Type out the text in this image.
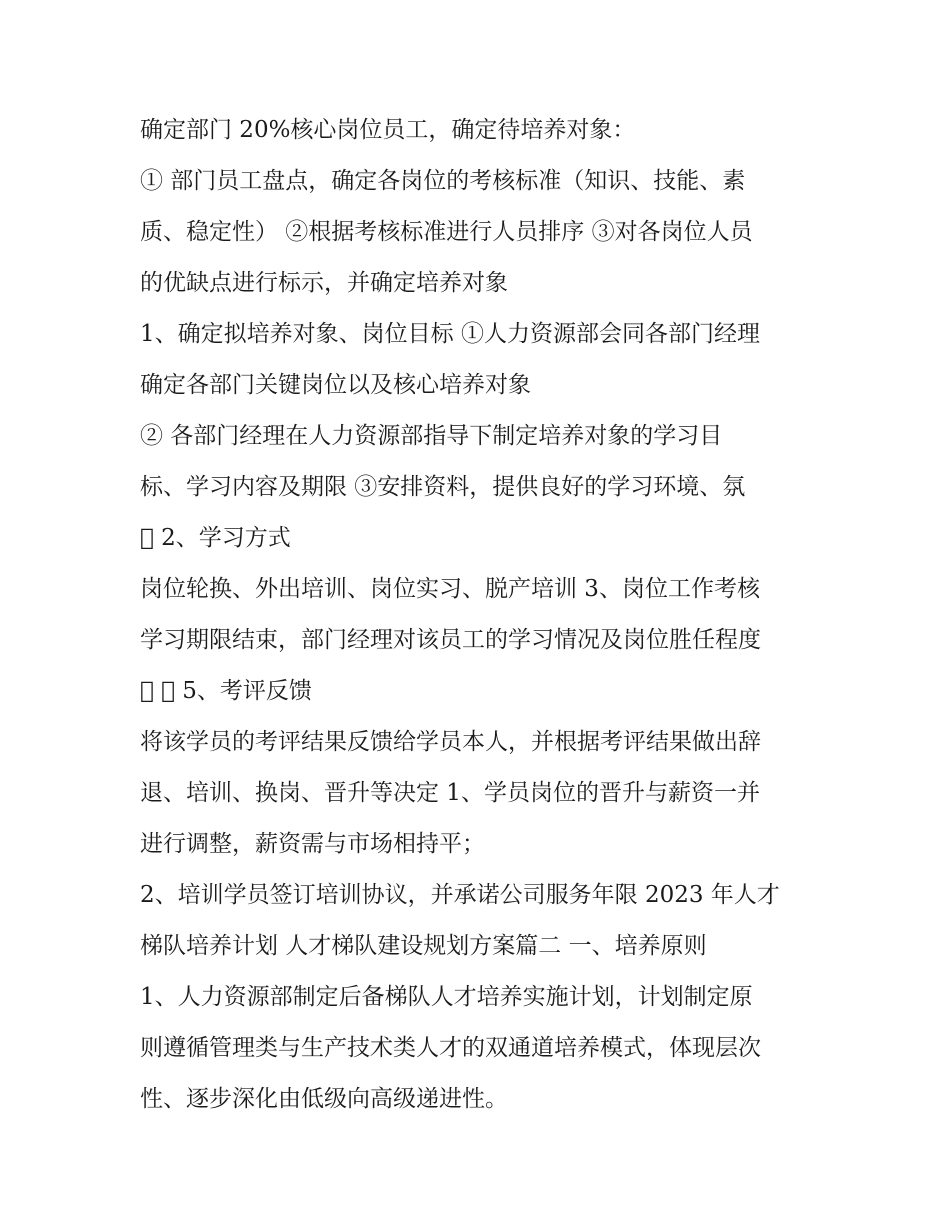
确定部门 20%核心岗位员工，确定待培养对象：
① 部门员工盘点，确定各岗位的考核标准（知识、技能、素
质、稳定性） ②根据考核标准进行人员排序 ③对各岗位人员
的优缺点进行标示，并确定培养对象
1、确定拟培养对象、岗位目标 ①人力资源部会同各部门经理
确定各部门关键岗位以及核心培养对象
② 各部门经理在人力资源部指导下制定培养对象的学习目
标、学习内容及期限 ③安排资料，提供良好的学习环境、氛
􀀀 2、学习方式
岗位轮换、外出培训、岗位实习、脱产培训 3、岗位工作考核
学习期限结束，部门经理对该员工的学习情况及岗位胜任程度
􀀀 􀀀 5、考评反馈
将该学员的考评结果反馈给学员本人，并根据考评结果做出辞
退、培训、换岗、晋升等决定 1、学员岗位的晋升与薪资一并
进行调整，薪资需与市场相持平；
2、培训学员签订培训协议，并承诺公司服务年限 2023 年人才
梯队培养计划 人才梯队建设规划方案篇二 一、培养原则
1、人力资源部制定后备梯队人才培养实施计划，计划制定原
则遵循管理类与生产技术类人才的双通道培养模式，体现层次
性、逐步深化由低级向高级递进性。
